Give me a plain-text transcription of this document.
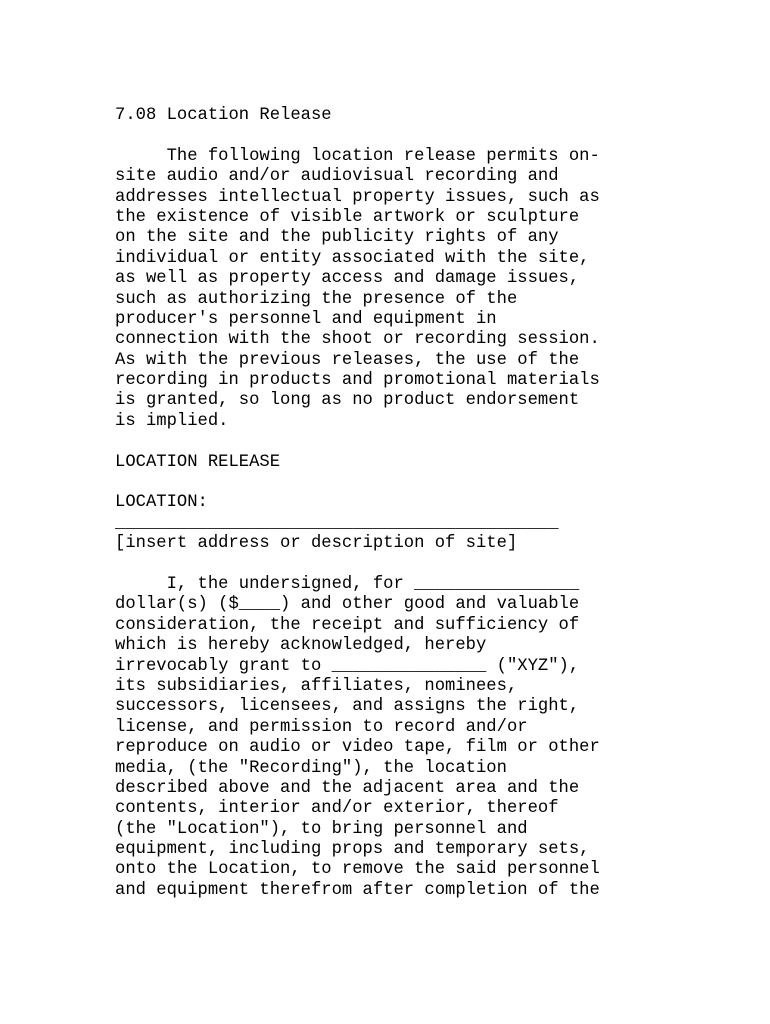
7.08 Location Release
The following location release permits on-
site audio and/or audiovisual recording and
addresses intellectual property issues, such as
the existence of visible artwork or sculpture
on the site and the publicity rights of any
individual or entity associated with the site,
as well as property access and damage issues,
such as authorizing the presence of the
producer's personnel and equipment in
connection with the shoot or recording session.
As with the previous releases, the use of the
recording in products and promotional materials
is granted, so long as no product endorsement
is implied.
LOCATION RELEASE
LOCATION:
___________________________________________
[insert address or description of site]
I, the undersigned, for ________________
dollar(s) ($____) and other good and valuable
consideration, the receipt and sufficiency of
which is hereby acknowledged, hereby
irrevocably grant to _______________ ("XYZ"),
its subsidiaries, affiliates, nominees,
successors, licensees, and assigns the right,
license, and permission to record and/or
reproduce on audio or video tape, film or other
media, (the "Recording"), the location
described above and the adjacent area and the
contents, interior and/or exterior, thereof
(the "Location"), to bring personnel and
equipment, including props and temporary sets,
onto the Location, to remove the said personnel
and equipment therefrom after completion of the
